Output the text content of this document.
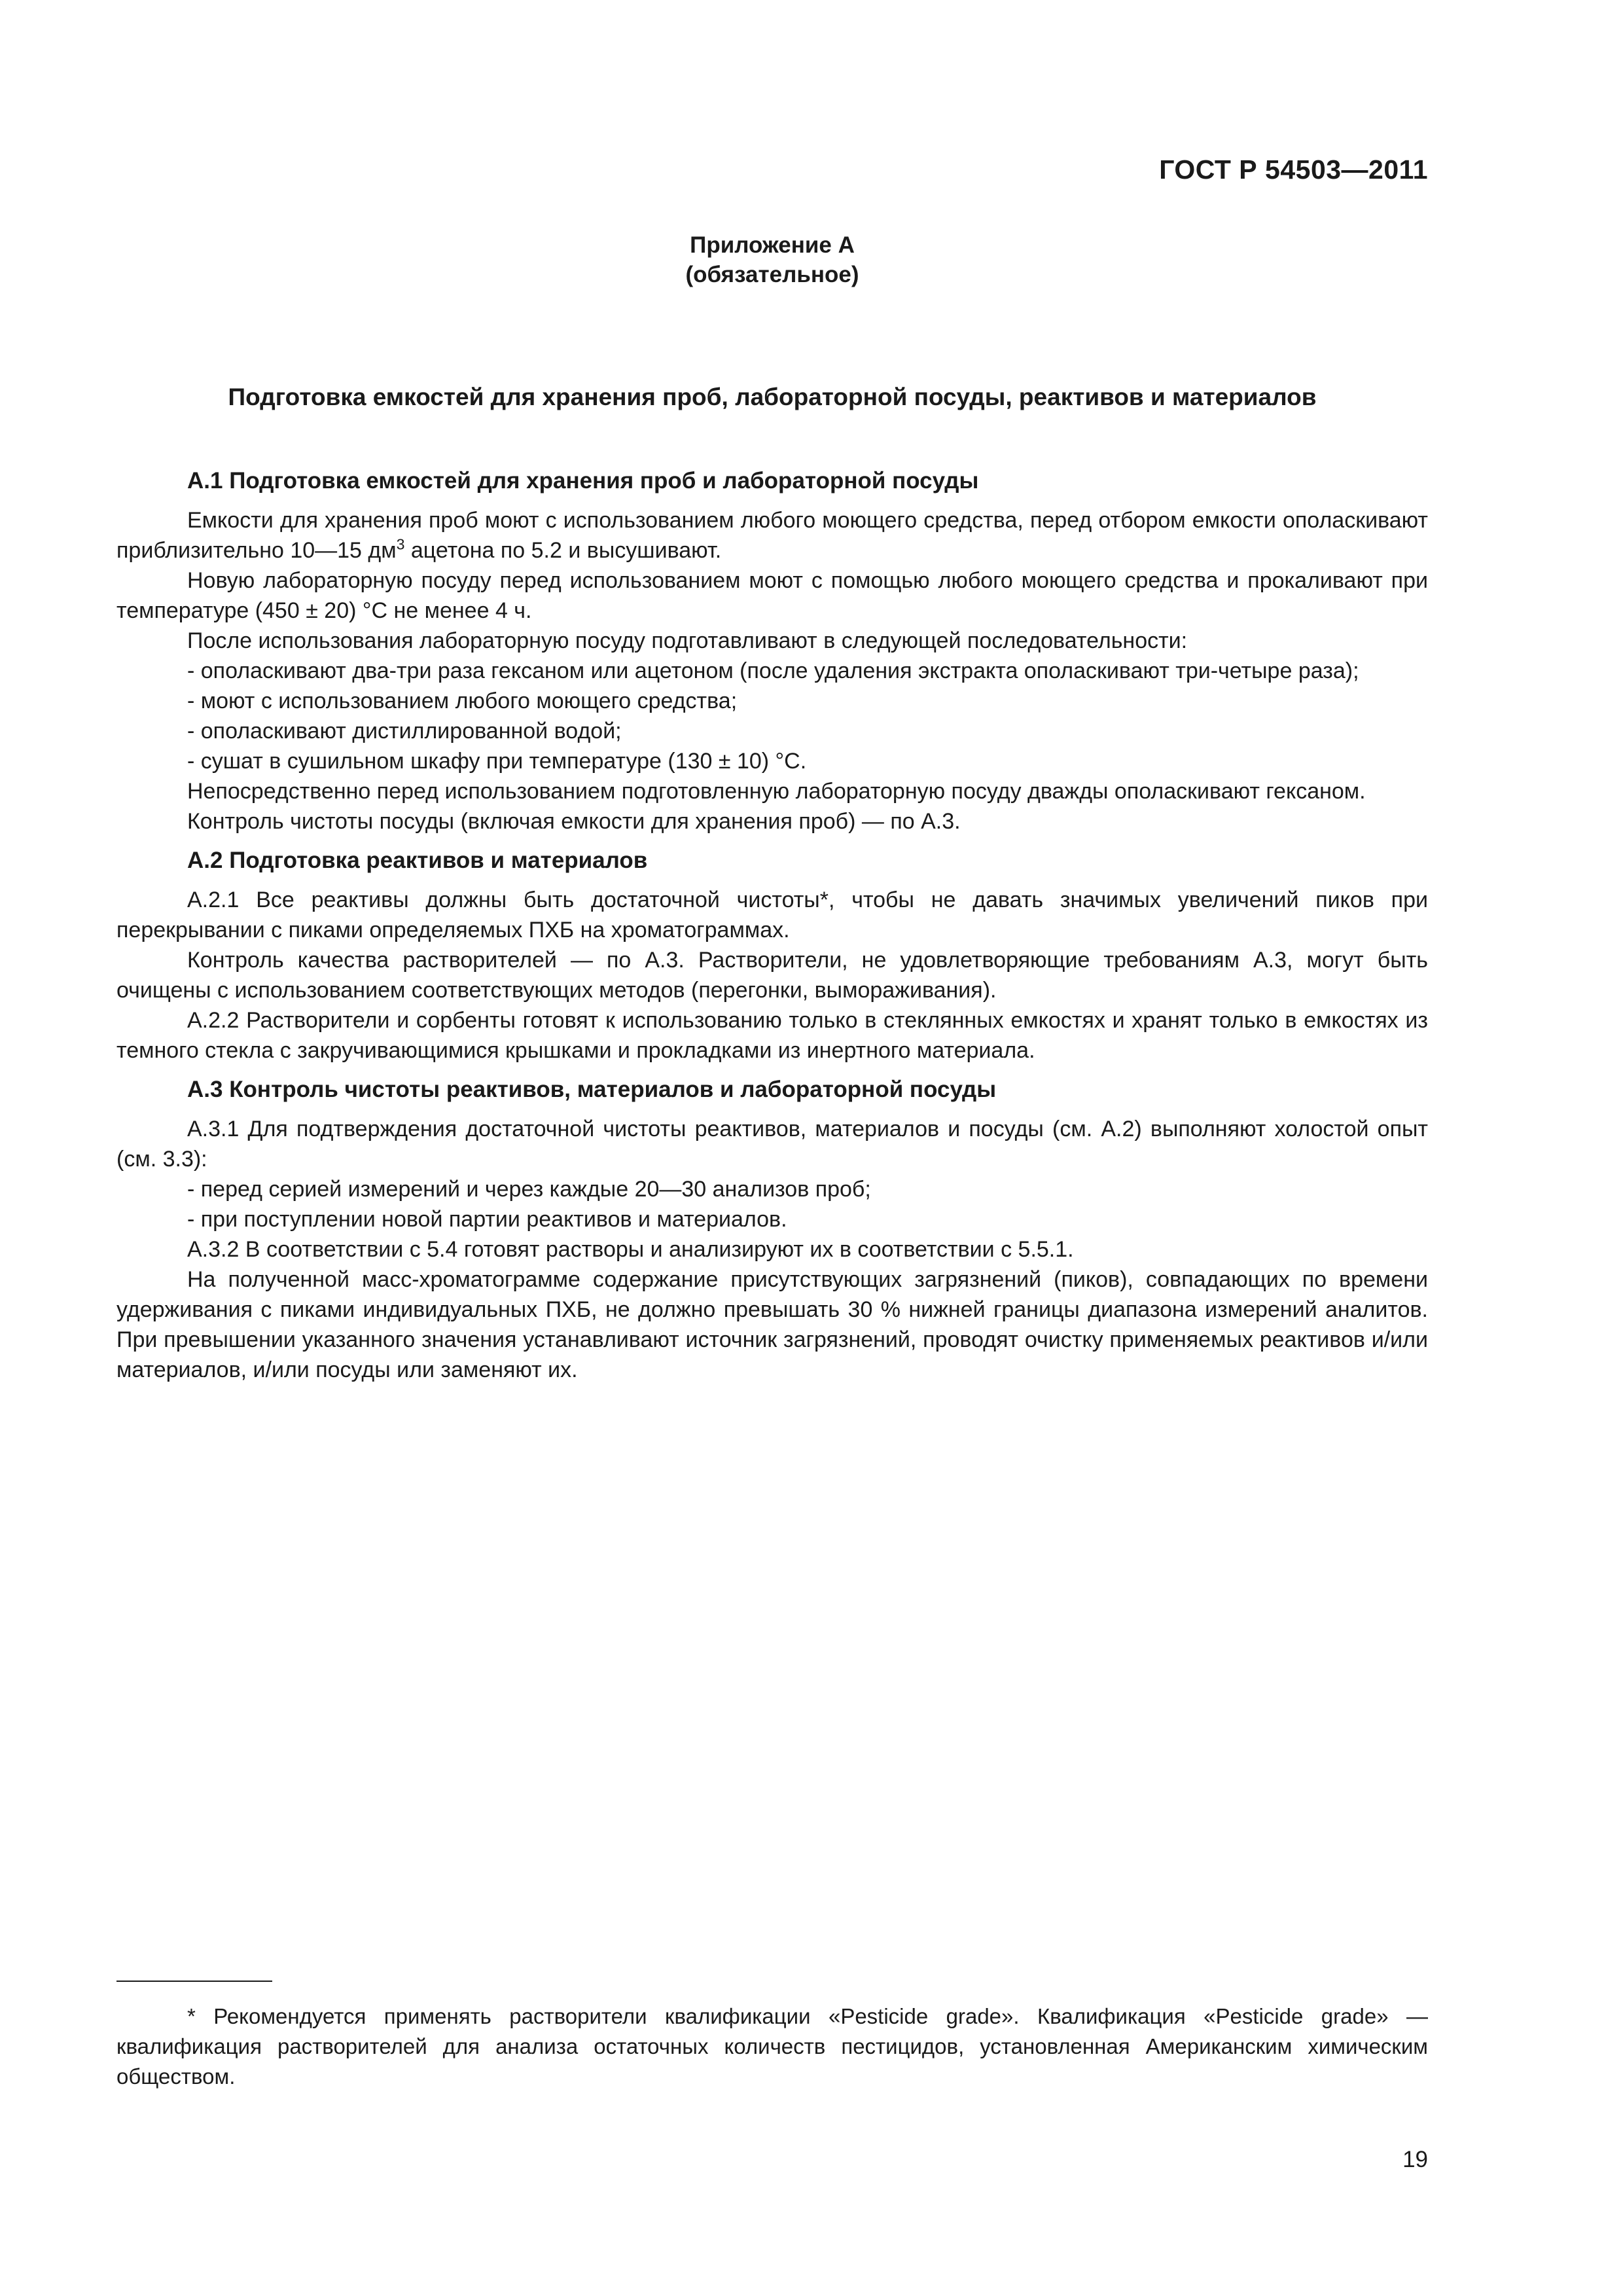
ГОСТ Р 54503—2011
Приложение А
(обязательное)
Подготовка емкостей для хранения проб, лабораторной посуды, реактивов и материалов
А.1 Подготовка емкостей для хранения проб и лабораторной посуды

Емкости для хранения проб моют с использованием любого моющего средства, перед отбором емкости ополаскивают приблизительно 10—15 $дм^3$ ацетона по 5.2 и высушивают.

Новую лабораторную посуду перед использованием моют с помощью любого моющего средства и прокаливают при температуре (450 ± 20) °С не менее 4 ч.

После использования лабораторную посуду подготавливают в следующей последовательности:

- ополаскивают два-три раза гексаном или ацетоном (после удаления экстракта ополаскивают три-четыре раза);

- моют с использованием любого моющего средства;

- ополаскивают дистиллированной водой;

- сушат в сушильном шкафу при температуре (130 ± 10) °С.

Непосредственно перед использованием подготовленную лабораторную посуду дважды ополаскивают гексаном.

Контроль чистоты посуды (включая емкости для хранения проб) — по А.3.

А.2 Подготовка реактивов и материалов

А.2.1 Все реактивы должны быть достаточной чистоты*, чтобы не давать значимых увеличений пиков при перекрывании с пиками определяемых ПХБ на хроматограммах.

Контроль качества растворителей — по А.3. Растворители, не удовлетворяющие требованиям А.3, могут быть очищены с использованием соответствующих методов (перегонки, вымораживания).

А.2.2 Растворители и сорбенты готовят к использованию только в стеклянных емкостях и хранят только в емкостях из темного стекла с закручивающимися крышками и прокладками из инертного материала.

А.3 Контроль чистоты реактивов, материалов и лабораторной посуды

А.3.1 Для подтверждения достаточной чистоты реактивов, материалов и посуды (см. А.2) выполняют холостой опыт (см. 3.3):

- перед серией измерений и через каждые 20—30 анализов проб;

- при поступлении новой партии реактивов и материалов.

А.3.2 В соответствии с 5.4 готовят растворы и анализируют их в соответствии с 5.5.1.

На полученной масс-хроматограмме содержание присутствующих загрязнений (пиков), совпадающих по времени удерживания с пиками индивидуальных ПХБ, не должно превышать 30 % нижней границы диапазона измерений аналитов. При превышении указанного значения устанавливают источник загрязнений, проводят очистку применяемых реактивов и/или материалов, и/или посуды или заменяют их.

* Рекомендуется применять растворители квалификации «Pesticide grade». Квалификация «Pesticide grade» — квалификация растворителей для анализа остаточных количеств пестицидов, установленная Американским химическим обществом.

19
